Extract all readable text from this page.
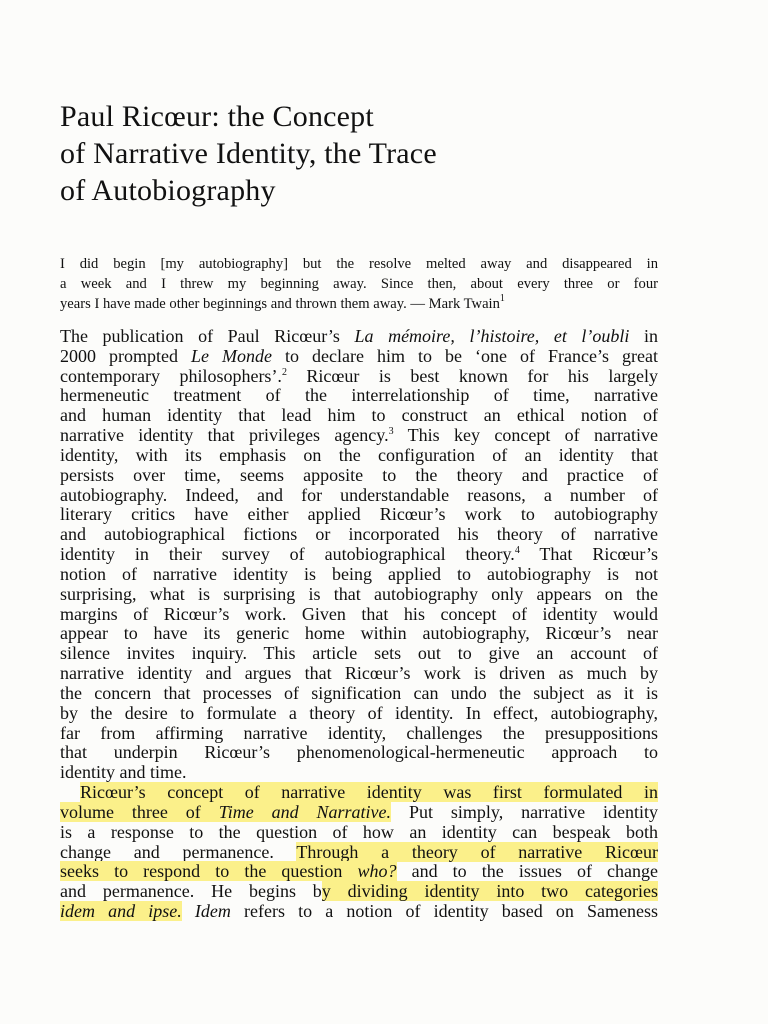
Paul Ricœur: the Concept
of Narrative Identity, the Trace
of Autobiography
I did begin [my autobiography] but the resolve melted away and disappeared in
a week and I threw my beginning away. Since then, about every three or four
years I have made other beginnings and thrown them away. — Mark Twain$^1$
The publication of Paul Ricœur’s La mémoire, l’histoire, et l’oubli in
2000 prompted Le Monde to declare him to be ‘one of France’s great
contemporary philosophers’.$^2$ Ricœur is best known for his largely
hermeneutic treatment of the interrelationship of time, narrative
and human identity that lead him to construct an ethical notion of
narrative identity that privileges agency.$^3$ This key concept of narrative
identity, with its emphasis on the configuration of an identity that
persists over time, seems apposite to the theory and practice of
autobiography. Indeed, and for understandable reasons, a number of
literary critics have either applied Ricœur’s work to autobiography
and autobiographical fictions or incorporated his theory of narrative
identity in their survey of autobiographical theory.$^4$ That Ricœur’s
notion of narrative identity is being applied to autobiography is not
surprising, what is surprising is that autobiography only appears on the
margins of Ricœur’s work. Given that his concept of identity would
appear to have its generic home within autobiography, Ricœur’s near
silence invites inquiry. This article sets out to give an account of
narrative identity and argues that Ricœur’s work is driven as much by
the concern that processes of signification can undo the subject as it is
by the desire to formulate a theory of identity. In effect, autobiography,
far from affirming narrative identity, challenges the presuppositions
that underpin Ricœur’s phenomenological-hermeneutic approach to
identity and time.
Ricœur’s concept of narrative identity was first formulated in
volume three of Time and Narrative. Put simply, narrative identity
is a response to the question of how an identity can bespeak both
change and permanence. Through a theory of narrative Ricœur
seeks to respond to the question who? and to the issues of change
and permanence. He begins by dividing identity into two categories
idem and ipse. Idem refers to a notion of identity based on Sameness
